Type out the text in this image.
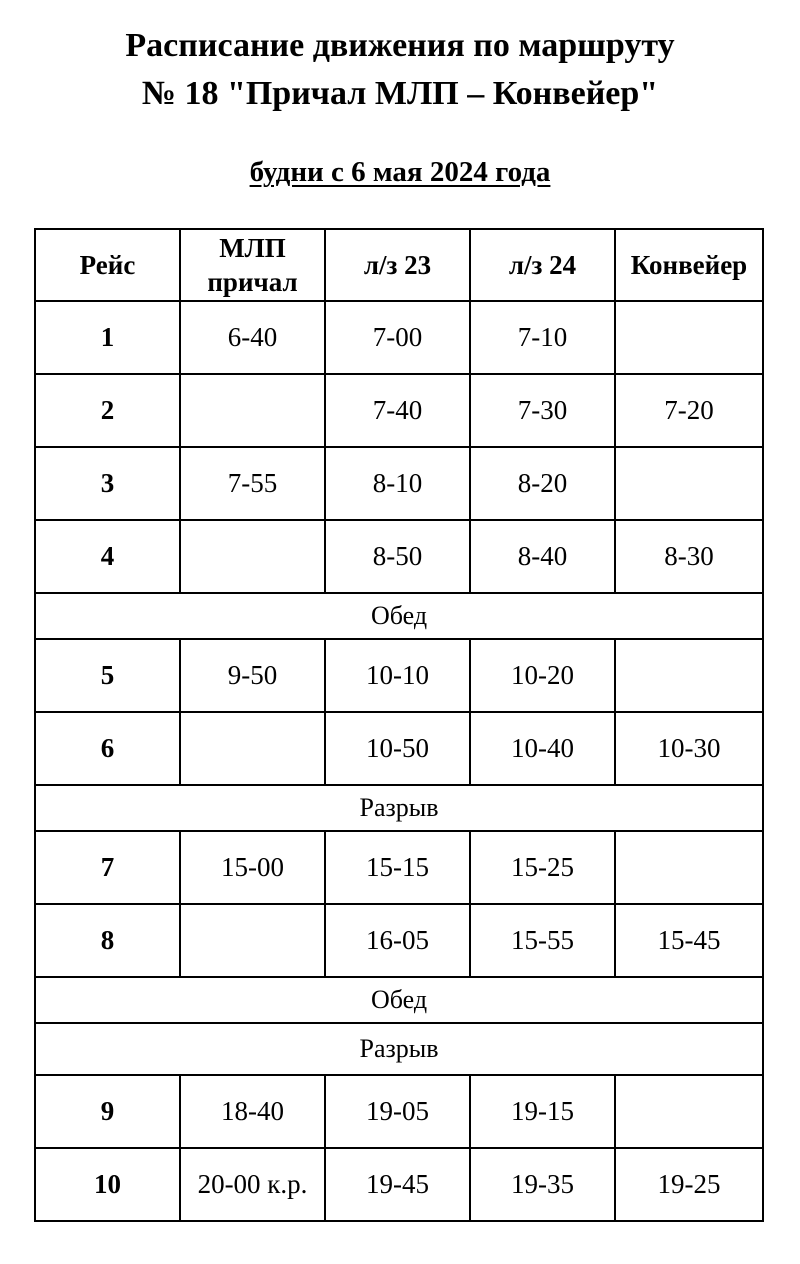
Расписание движения по маршруту
№ 18 "Причал МЛП – Конвейер"
будни с 6 мая 2024 года
Рейс	МЛП
причал	л/з 23	л/з 24	Конвейер
1	6-40	7-00	7-10	
2		7-40	7-30	7-20
3	7-55	8-10	8-20	
4		8-50	8-40	8-30
Обед				
5	9-50	10-10	10-20	
6		10-50	10-40	10-30
Разрыв				
7	15-00	15-15	15-25	
8		16-05	15-55	15-45
Обед				
Разрыв				
9	18-40	19-05	19-15	
10	20-00 к.р.	19-45	19-35	19-25
